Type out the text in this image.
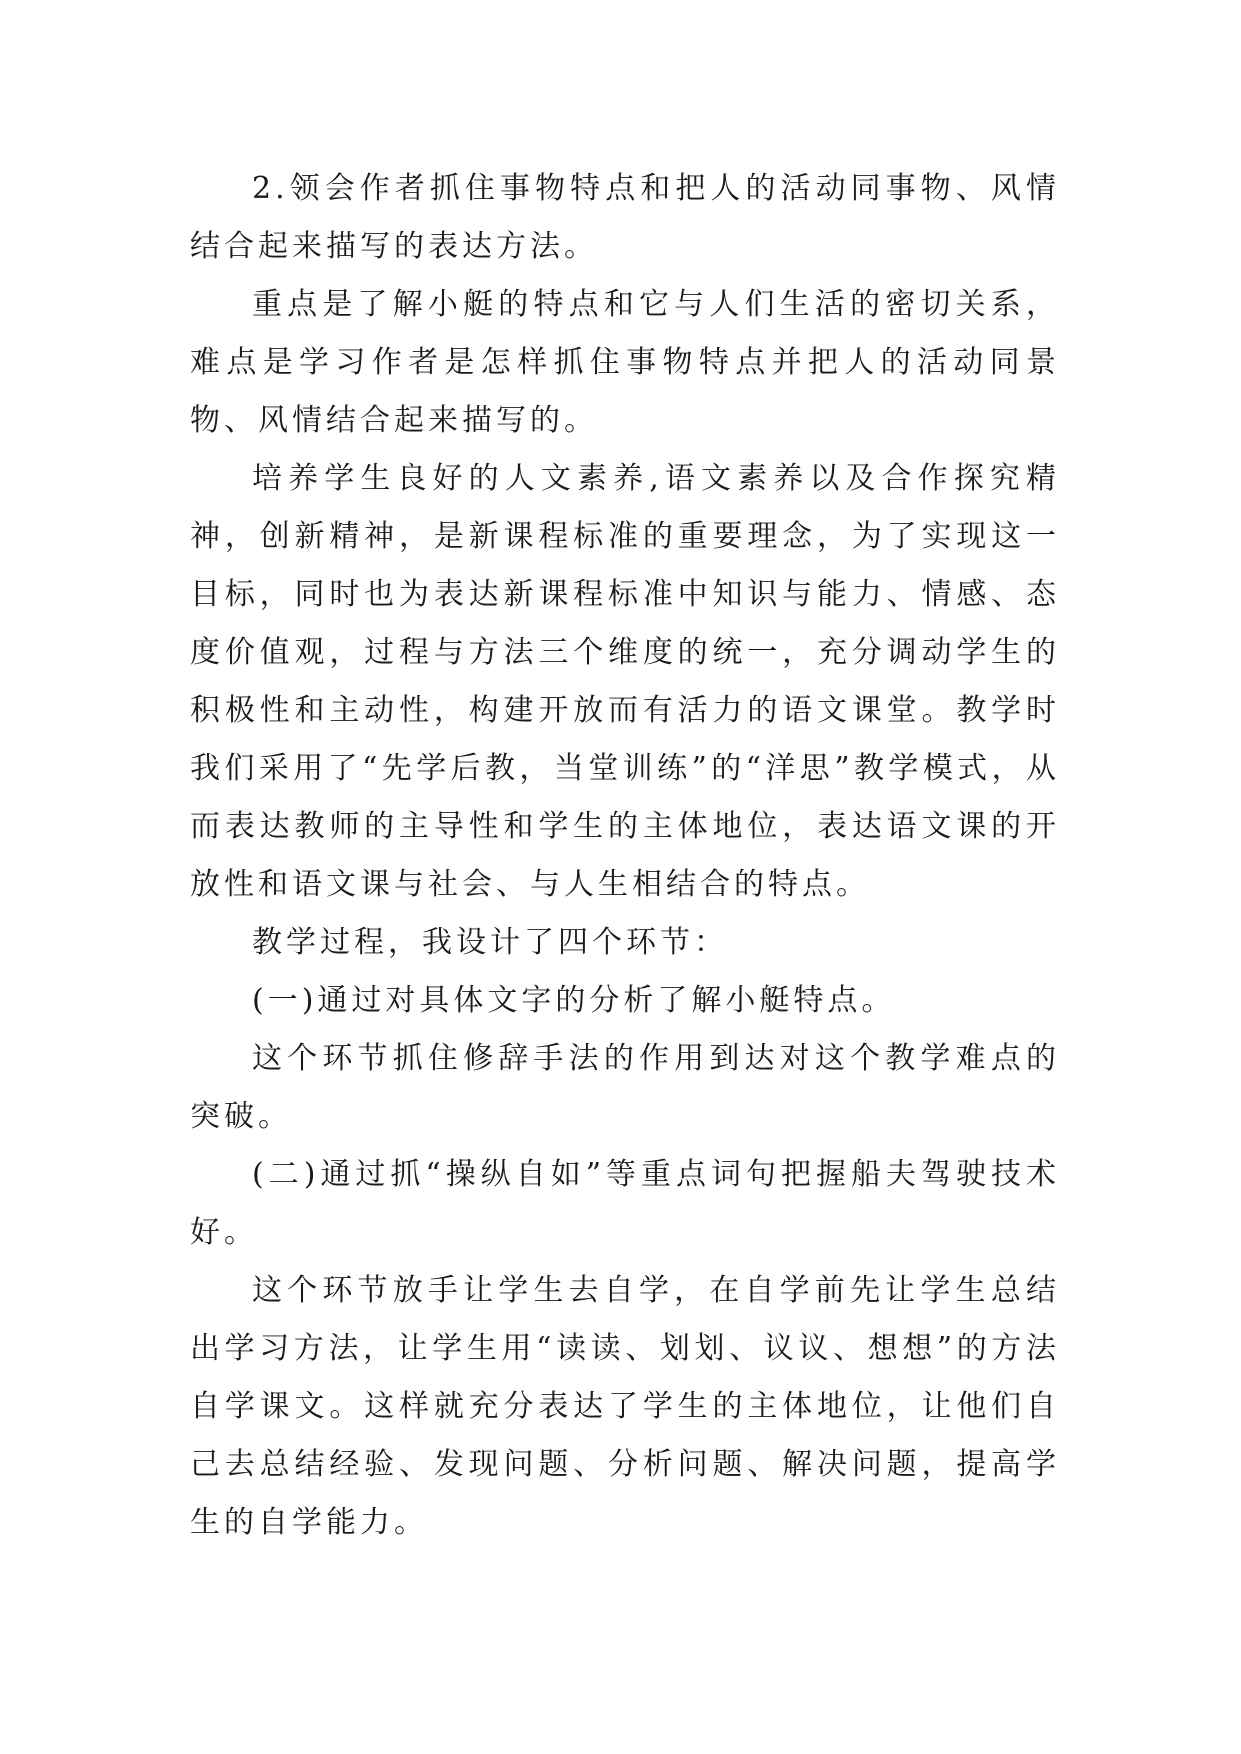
2.领会作者抓住事物特点和把人的活动同事物、风情结合起来描写的表达方法。

重点是了解小艇的特点和它与人们生活的密切关系，难点是学习作者是怎样抓住事物特点并把人的活动同景物、风情结合起来描写的。

培养学生良好的人文素养,语文素养以及合作探究精神，创新精神，是新课程标准的重要理念，为了实现这一目标，同时也为表达新课程标准中知识与能力、情感、态度价值观，过程与方法三个维度的统一，充分调动学生的积极性和主动性，构建开放而有活力的语文课堂。教学时我们采用了“先学后教，当堂训练”的“洋思”教学模式，从而表达教师的主导性和学生的主体地位，表达语文课的开放性和语文课与社会、与人生相结合的特点。

教学过程，我设计了四个环节：

(一)通过对具体文字的分析了解小艇特点。

这个环节抓住修辞手法的作用到达对这个教学难点的突破。

(二)通过抓“操纵自如”等重点词句把握船夫驾驶技术好。

这个环节放手让学生去自学，在自学前先让学生总结出学习方法，让学生用“读读、划划、议议、想想”的方法自学课文。这样就充分表达了学生的主体地位，让他们自己去总结经验、发现问题、分析问题、解决问题，提高学生的自学能力。
